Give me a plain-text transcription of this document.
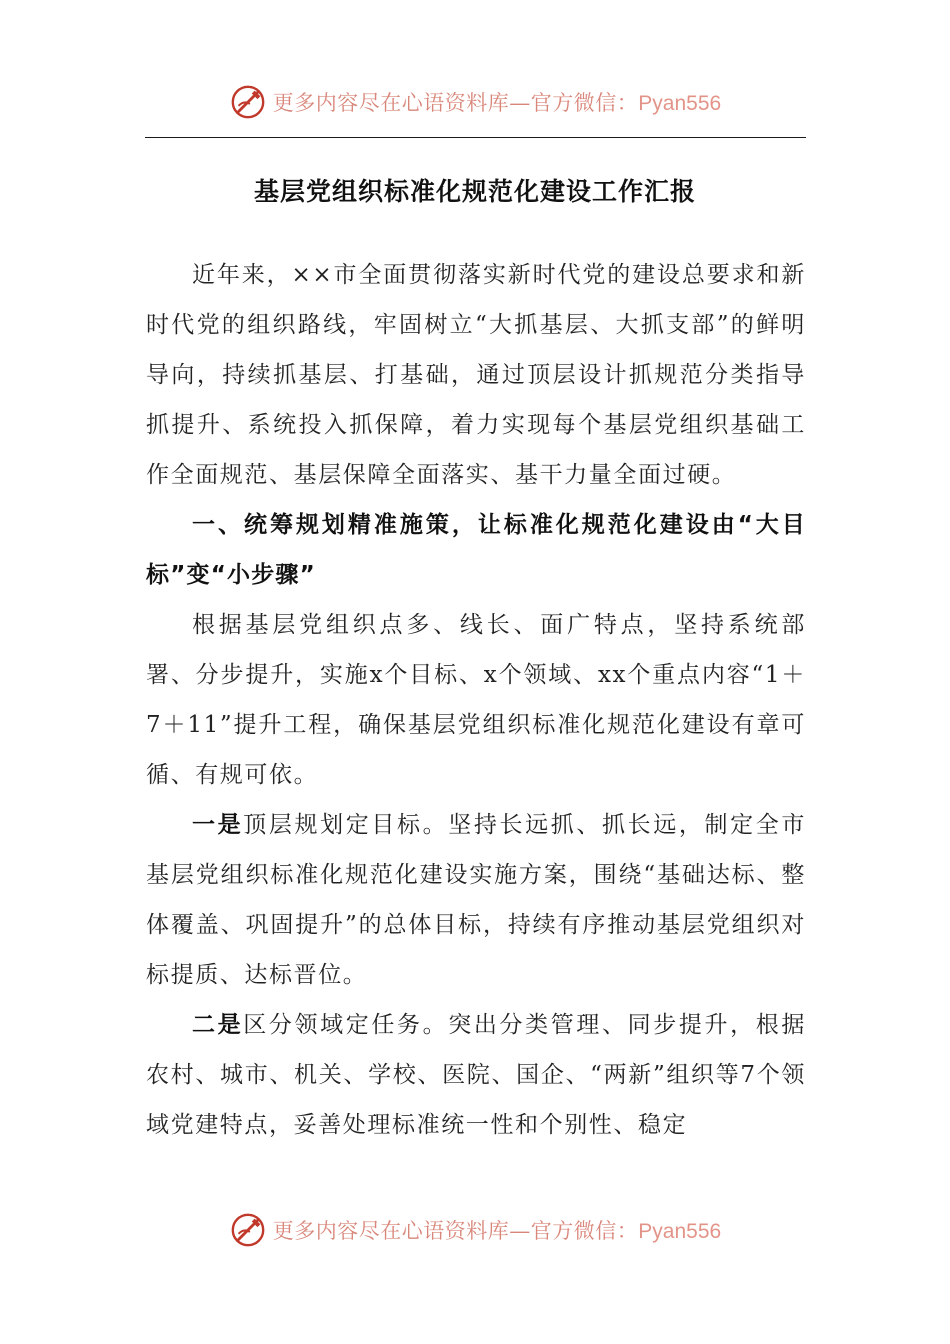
更多内容尽在心语资料库—官方微信：Pyan556
基层党组织标准化规范化建设工作汇报

近年来，××市全面贯彻落实新时代党的建设总要求和新时代党的组织路线，牢固树立“大抓基层、大抓支部”的鲜明导向，持续抓基层、打基础，通过顶层设计抓规范分类指导抓提升、系统投入抓保障，着力实现每个基层党组织基础工作全面规范、基层保障全面落实、基干力量全面过硬。

一、统筹规划精准施策，让标准化规范化建设由“大目标”变“小步骤”

根据基层党组织点多、线长、面广特点，坚持系统部署、分步提升，实施x个目标、x个领域、xx个重点内容“1＋7＋11”提升工程，确保基层党组织标准化规范化建设有章可循、有规可依。

一是顶层规划定目标。坚持长远抓、抓长远，制定全市基层党组织标准化规范化建设实施方案，围绕“基础达标、整体覆盖、巩固提升”的总体目标，持续有序推动基层党组织对标提质、达标晋位。

二是区分领域定任务。突出分类管理、同步提升，根据农村、城市、机关、学校、医院、国企、“两新”组织等7个领域党建特点，妥善处理标准统一性和个别性、稳定

更多内容尽在心语资料库—官方微信：Pyan556
